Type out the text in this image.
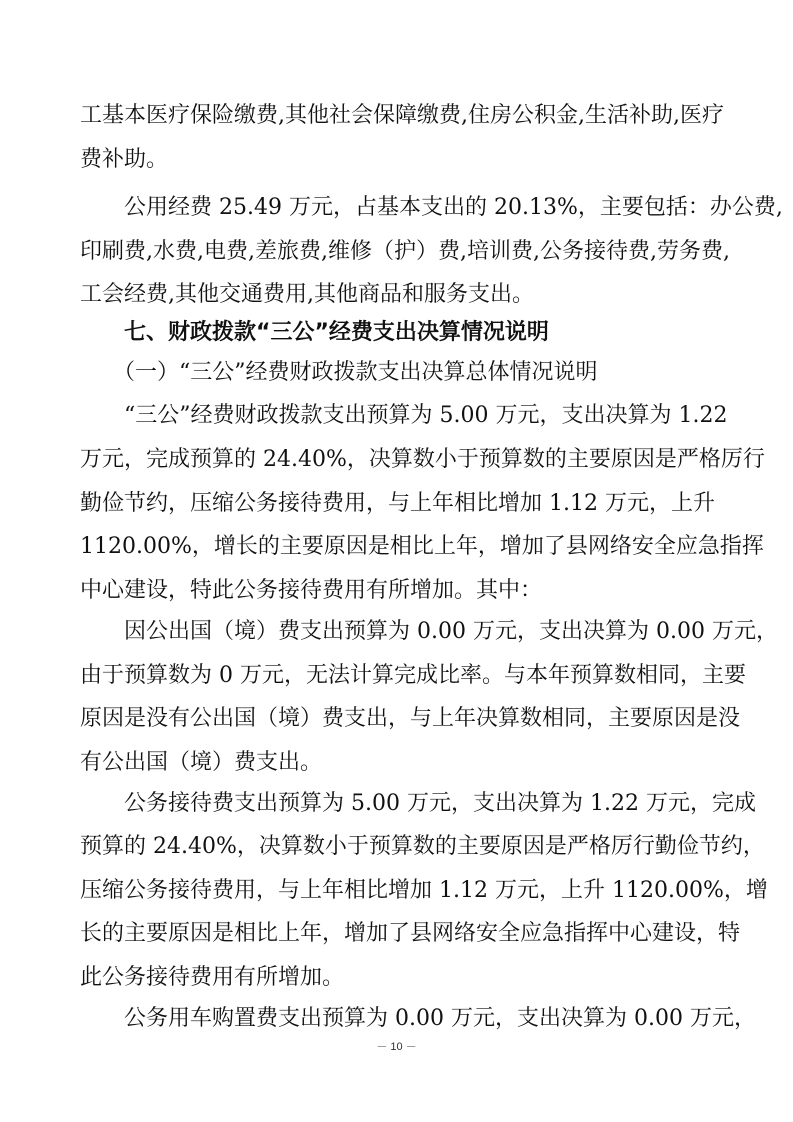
工基本医疗保险缴费,其他社会保障缴费,住房公积金,生活补助,医疗
费补助。
　　公用经费 25.49 万元，占基本支出的 20.13%，主要包括：办公费,
印刷费,水费,电费,差旅费,维修（护）费,培训费,公务接待费,劳务费,
工会经费,其他交通费用,其他商品和服务支出。
　　七、财政拨款“三公”经费支出决算情况说明
　　（一）“三公”经费财政拨款支出决算总体情况说明
　　“三公”经费财政拨款支出预算为 5.00 万元，支出决算为 1.22
万元，完成预算的 24.40%，决算数小于预算数的主要原因是严格厉行
勤俭节约，压缩公务接待费用，与上年相比增加 1.12 万元，上升
1120.00%，增长的主要原因是相比上年，增加了县网络安全应急指挥
中心建设，特此公务接待费用有所增加。其中：
　　因公出国（境）费支出预算为 0.00 万元，支出决算为 0.00 万元，
由于预算数为 0 万元，无法计算完成比率。与本年预算数相同，主要
原因是没有公出国（境）费支出，与上年决算数相同，主要原因是没
有公出国（境）费支出。
　　公务接待费支出预算为 5.00 万元，支出决算为 1.22 万元，完成
预算的 24.40%，决算数小于预算数的主要原因是严格厉行勤俭节约，
压缩公务接待费用，与上年相比增加 1.12 万元，上升 1120.00%，增
长的主要原因是相比上年，增加了县网络安全应急指挥中心建设，特
此公务接待费用有所增加。
　　公务用车购置费支出预算为 0.00 万元，支出决算为 0.00 万元，
－ 10 －
